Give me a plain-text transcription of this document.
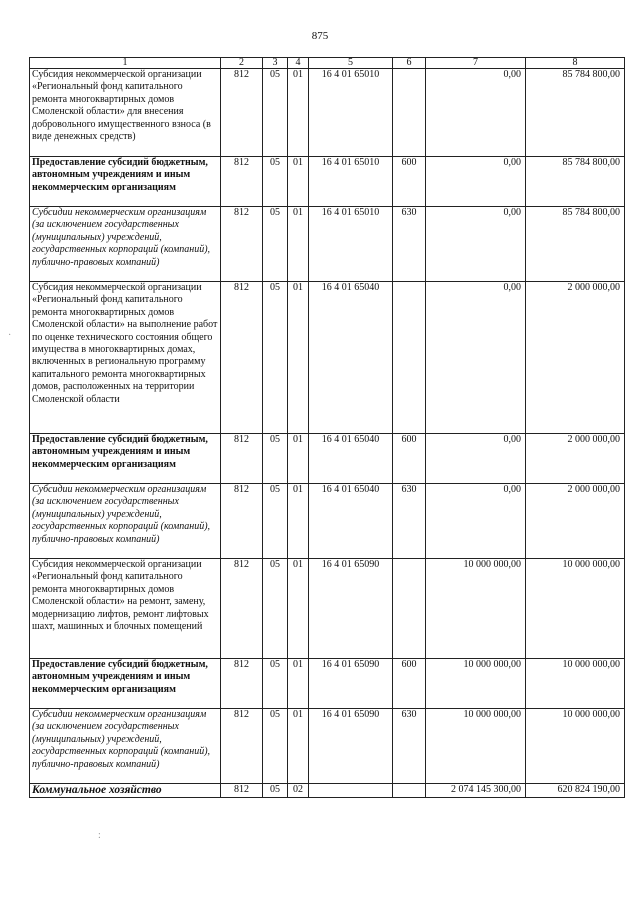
875
1	2	3	4	5	6	7	8
Субсидия некоммерческой организации «Региональный фонд капитального ремонта многоквартирных домов Смоленской области» для внесения добровольного имущественного взноса (в виде денежных средств)	812	05	01	16 4 01 65010		0,00	85 784 800,00
Предоставление субсидий бюджетным, автономным учреждениям и иным некоммерческим организациям	812	05	01	16 4 01 65010	600	0,00	85 784 800,00
Субсидии некоммерческим организациям (за исключением государственных (муниципальных) учреждений, государственных корпораций (компаний), публично-правовых компаний)	812	05	01	16 4 01 65010	630	0,00	85 784 800,00
Субсидия некоммерческой организации «Региональный фонд капитального ремонта многоквартирных домов Смоленской области» на выполнение работ по оценке технического состояния общего имущества в многоквартирных домах, включенных в региональную программу капитального ремонта многоквартирных домов, расположенных на территории Смоленской области	812	05	01	16 4 01 65040		0,00	2 000 000,00
Предоставление субсидий бюджетным, автономным учреждениям и иным некоммерческим организациям	812	05	01	16 4 01 65040	600	0,00	2 000 000,00
Субсидии некоммерческим организациям (за исключением государственных (муниципальных) учреждений, государственных корпораций (компаний), публично-правовых компаний)	812	05	01	16 4 01 65040	630	0,00	2 000 000,00
Субсидия некоммерческой организации «Региональный фонд капитального ремонта многоквартирных домов Смоленской области» на ремонт, замену, модернизацию лифтов, ремонт лифтовых шахт, машинных и блочных помещений	812	05	01	16 4 01 65090		10 000 000,00	10 000 000,00
Предоставление субсидий бюджетным, автономным учреждениям и иным некоммерческим организациям	812	05	01	16 4 01 65090	600	10 000 000,00	10 000 000,00
Субсидии некоммерческим организациям (за исключением государственных (муниципальных) учреждений, государственных корпораций (компаний), публично-правовых компаний)	812	05	01	16 4 01 65090	630	10 000 000,00	10 000 000,00
Коммунальное хозяйство	812	05	02			2 074 145 300,00	620 824 190,00
·
:
